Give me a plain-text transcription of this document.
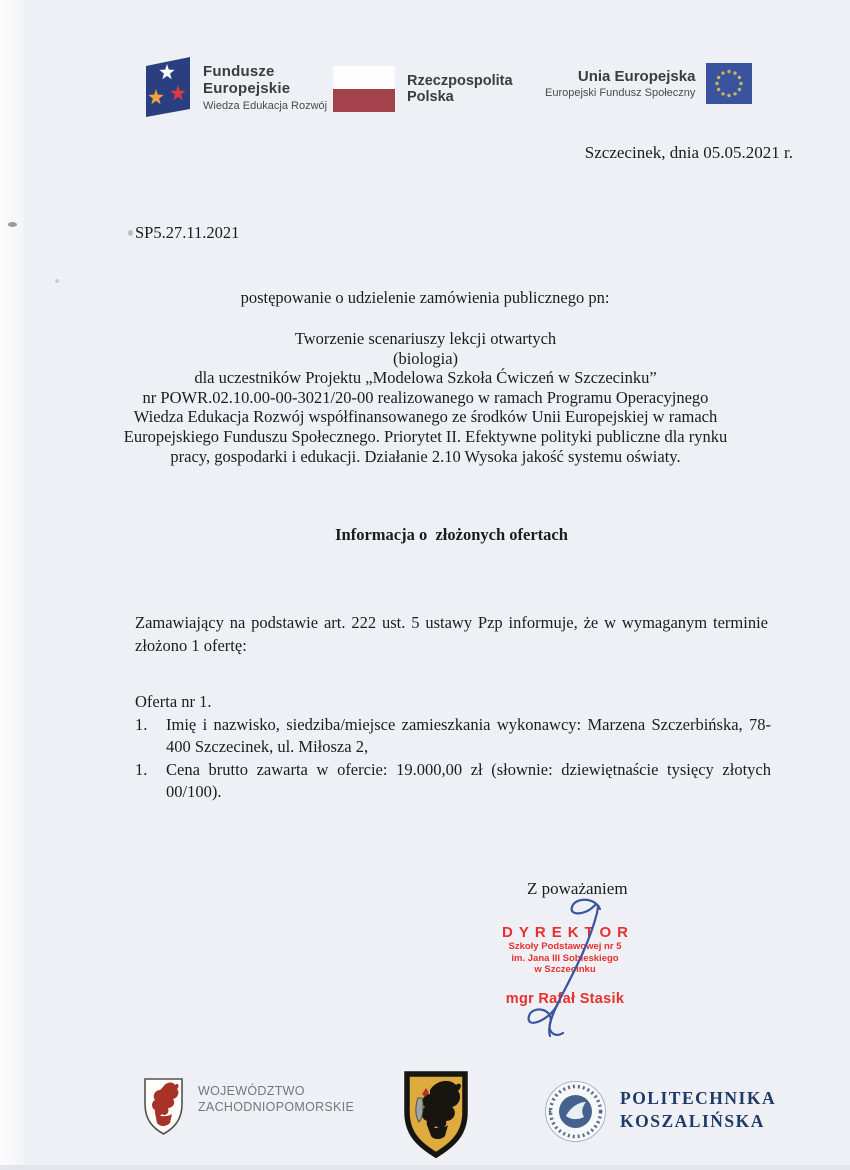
Fundusze
Europejskie
Wiedza Edukacja Rozwój
Rzeczpospolita
Polska
Unia Europejska
Europejski Fundusz Społeczny
Szczecinek, dnia 05.05.2021 r.
SP5.27.11.2021
postępowanie o udzielenie zamówienia publicznego pn:
Tworzenie scenariuszy lekcji otwartych
(biologia)
dla uczestników Projektu „Modelowa Szkoła Ćwiczeń w Szczecinku”
nr POWR.02.10.00-00-3021/20-00 realizowanego w ramach Programu Operacyjnego
Wiedza Edukacja Rozwój współfinansowanego ze środków Unii Europejskiej w ramach
Europejskiego Funduszu Społecznego. Priorytet II. Efektywne polityki publiczne dla rynku
pracy, gospodarki i edukacji. Działanie 2.10 Wysoka jakość systemu oświaty.
Informacja o  złożonych ofertach
Zamawiający na podstawie art. 222 ust. 5 ustawy Pzp informuje, że w wymaganym terminie złożono 1 ofertę:
Oferta nr 1.
1.	Imię i nazwisko, siedziba/miejsce zamieszkania wykonawcy: Marzena Szczerbińska, 78-400 Szczecinek, ul. Miłosza 2,
1.	Cena brutto zawarta w ofercie: 19.000,00 zł (słownie: dziewiętnaście tysięcy złotych 00/100).
Z poważaniem
DYREKTOR
Szkoły Podstawowej nr 5
im. Jana III Sobieskiego
w Szczecinku
mgr Rafał Stasik
WOJEWÓDZTWO
ZACHODNIOPOMORSKIE	POLITECHNIKA
KOSZALIŃSKA
